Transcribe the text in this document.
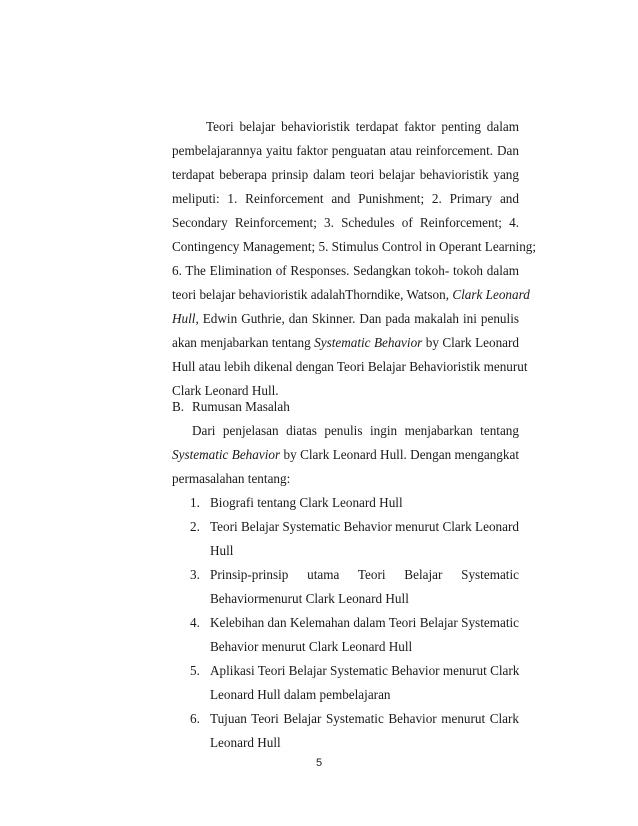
Teori belajar behavioristik terdapat faktor penting dalam
pembelajarannya yaitu faktor penguatan atau reinforcement. Dan
terdapat beberapa prinsip dalam teori belajar behavioristik yang
meliputi: 1. Reinforcement and Punishment; 2. Primary and
Secondary Reinforcement; 3. Schedules of Reinforcement; 4.
Contingency Management; 5. Stimulus Control in Operant Learning;
6. The Elimination of Responses. Sedangkan tokoh- tokoh dalam
teori belajar behavioristik adalahThorndike, Watson, Clark Leonard
Hull, Edwin Guthrie, dan Skinner. Dan pada makalah ini penulis
akan menjabarkan tentang Systematic Behavior by Clark Leonard
Hull atau lebih dikenal dengan Teori Belajar Behavioristik menurut
Clark Leonard Hull.

B. Rumusan Masalah

Dari penjelasan diatas penulis ingin menjabarkan tentang
Systematic Behavior by Clark Leonard Hull. Dengan mengangkat
permasalahan tentang:

1. Biografi tentang Clark Leonard Hull
2. Teori Belajar Systematic Behavior menurut Clark Leonard
Hull
3. Prinsip-prinsip utama Teori Belajar Systematic
Behaviormenurut Clark Leonard Hull
4. Kelebihan dan Kelemahan dalam Teori Belajar Systematic
Behavior menurut Clark Leonard Hull
5. Aplikasi Teori Belajar Systematic Behavior menurut Clark
Leonard Hull dalam pembelajaran
6. Tujuan Teori Belajar Systematic Behavior menurut Clark
Leonard Hull
5
